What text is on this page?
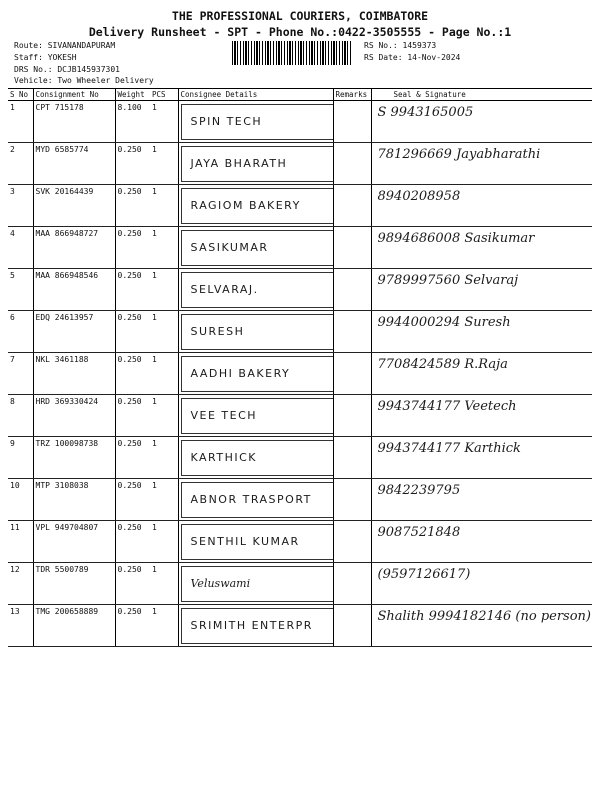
THE PROFESSIONAL COURIERS, COIMBATORE
Delivery Runsheet - SPT - Phone No.:0422-3505555 - Page No.:1
Route: SIVANANDAPURAM
Staff: YOKESH
DRS No.: DCJB145937301
Vehicle: Two Wheeler Delivery
RS No.: 1459373
RS Date: 14-Nov-2024
S No	Consignment No	Weight	PCS	Consignee Details	Remarks	Seal & Signature
1	CPT 715178	8.100	1	SPIN TECH		S 9943165005

2	MYD 6585774	0.250	1	JAYA BHARATH		781296669 Jayabharathi

3	SVK 20164439	0.250	1	RAGIOM BAKERY		8940208958

4	MAA 866948727	0.250	1	SASIKUMAR		9894686008 Sasikumar

5	MAA 866948546	0.250	1	SELVARAJ.		9789997560 Selvaraj

6	EDQ 24613957	0.250	1	SURESH		9944000294 Suresh

7	NKL 3461188	0.250	1	AADHI BAKERY		7708424589 R.Raja

8	HRD 369330424	0.250	1	VEE TECH		9943744177 Veetech

9	TRZ 100098738	0.250	1	KARTHICK		9943744177 Karthick

10	MTP 3108038	0.250	1	ABNOR TRASPORT		9842239795

11	VPL 949704807	0.250	1	SENTHIL KUMAR		9087521848

12	TDR 5500789	0.250	1	Veluswami		(9597126617)

13	TMG 200658889	0.250	1	SRIMITH ENTERPR		Shalith 9994182146 (no person)
